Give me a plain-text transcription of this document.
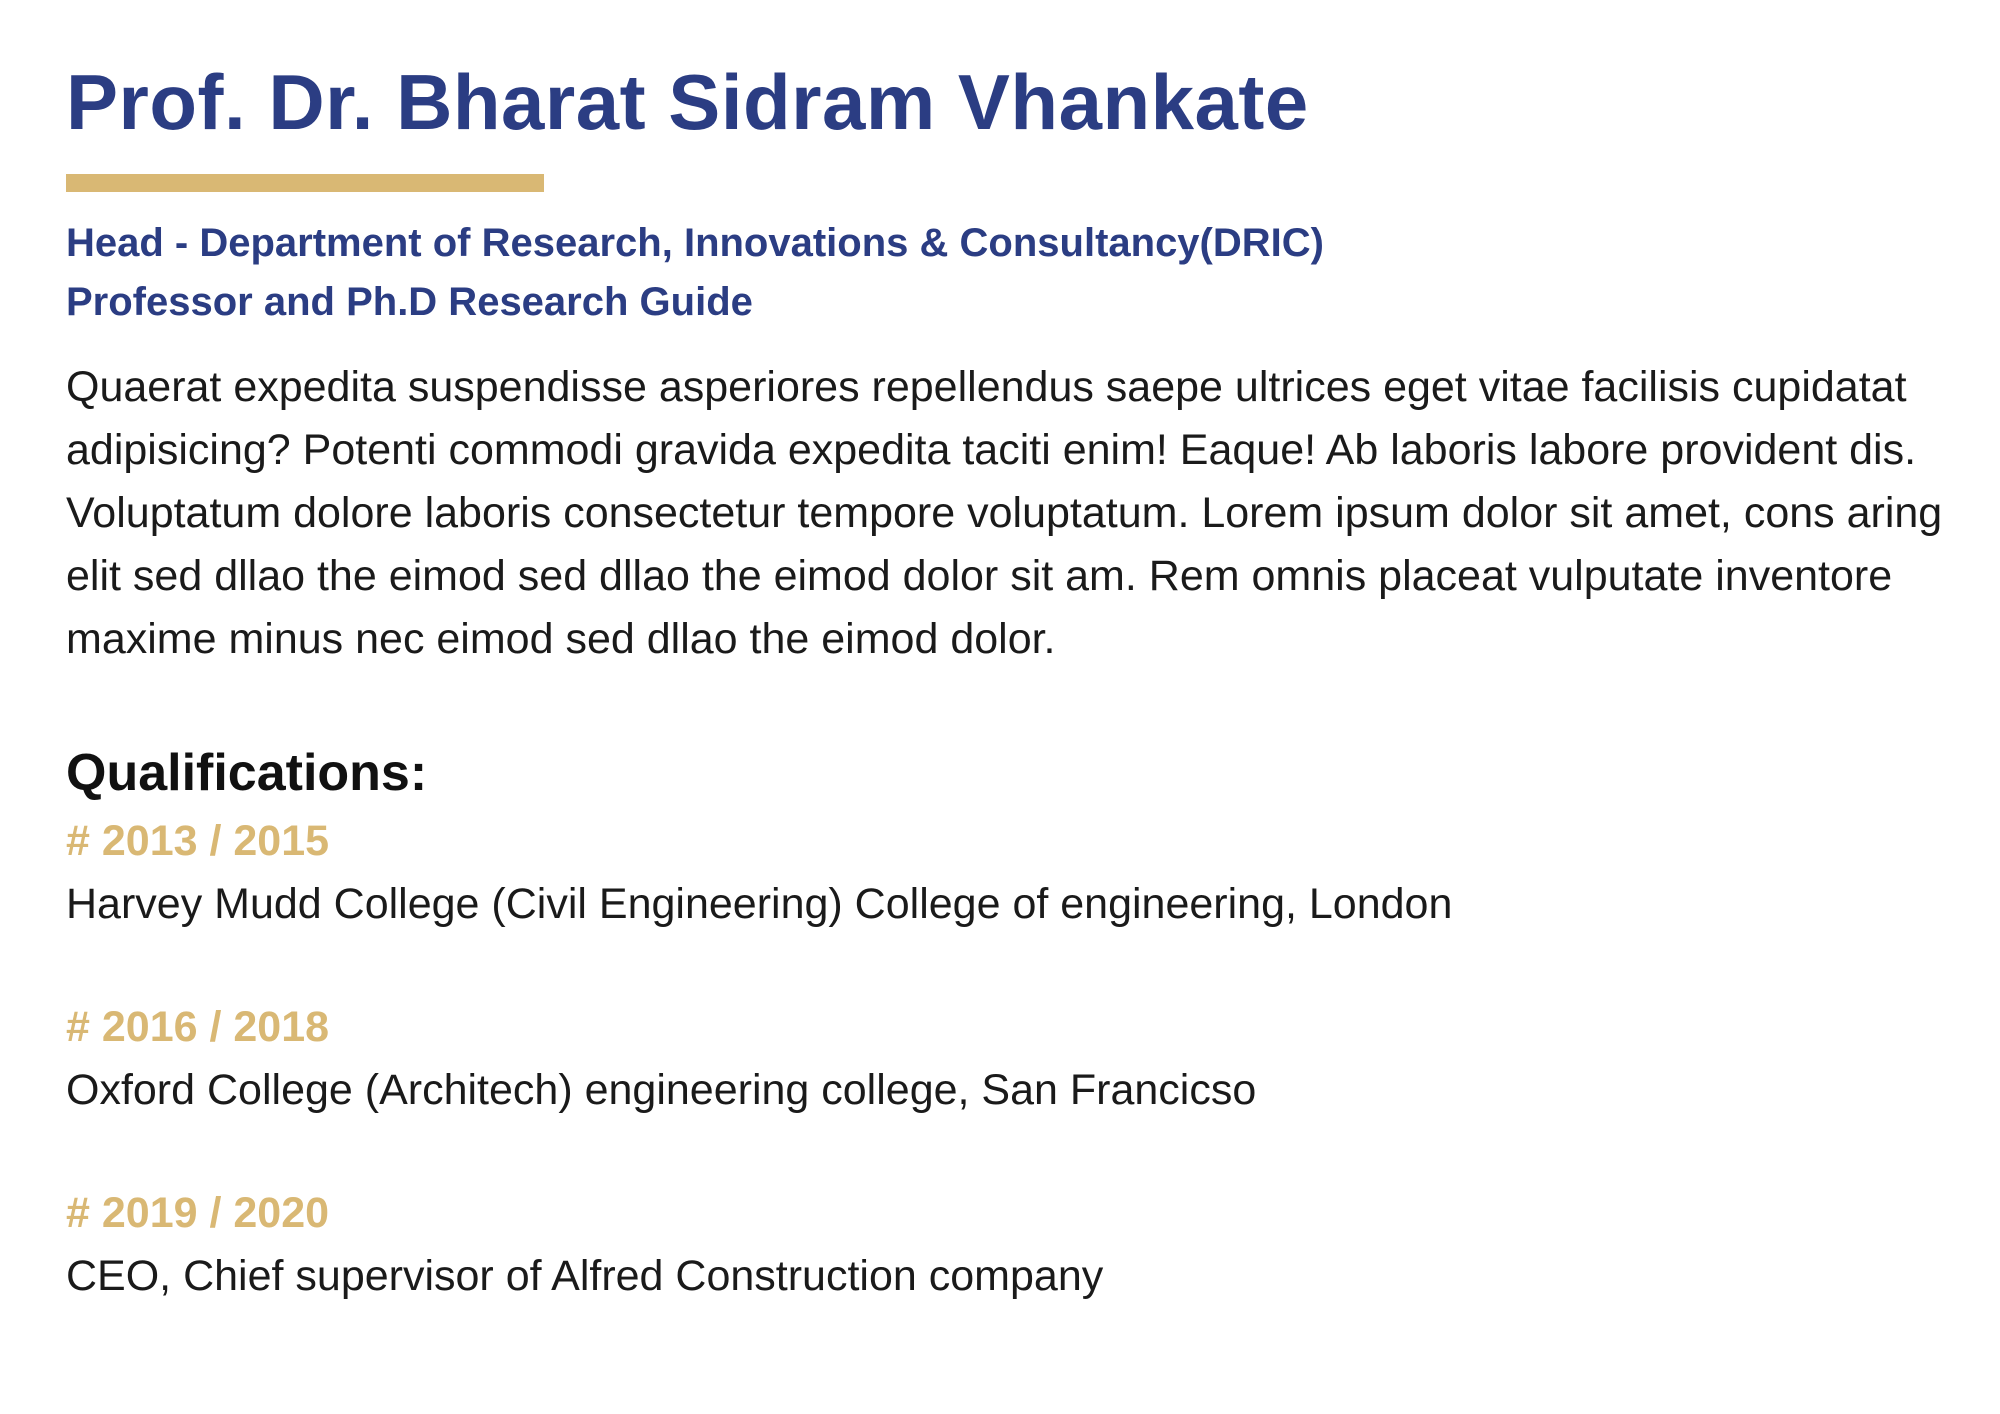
Prof. Dr. Bharat Sidram Vhankate
Head - Department of Research, Innovations & Consultancy(DRIC)
Professor and Ph.D Research Guide

Quaerat expedita suspendisse asperiores repellendus saepe ultrices eget vitae facilisis cupidatat adipisicing? Potenti commodi gravida expedita taciti enim! Eaque! Ab laboris labore provident dis. Voluptatum dolore laboris consectetur tempore voluptatum. Lorem ipsum dolor sit amet, cons aring elit sed dllao the eimod sed dllao the eimod dolor sit am. Rem omnis placeat vulputate inventore maxime minus nec eimod sed dllao the eimod dolor.

Qualifications:
# 2013 / 2015
Harvey Mudd College (Civil Engineering) College of engineering, London
# 2016 / 2018
Oxford College (Architech) engineering college, San Francicso
# 2019 / 2020
CEO, Chief supervisor of Alfred Construction company
